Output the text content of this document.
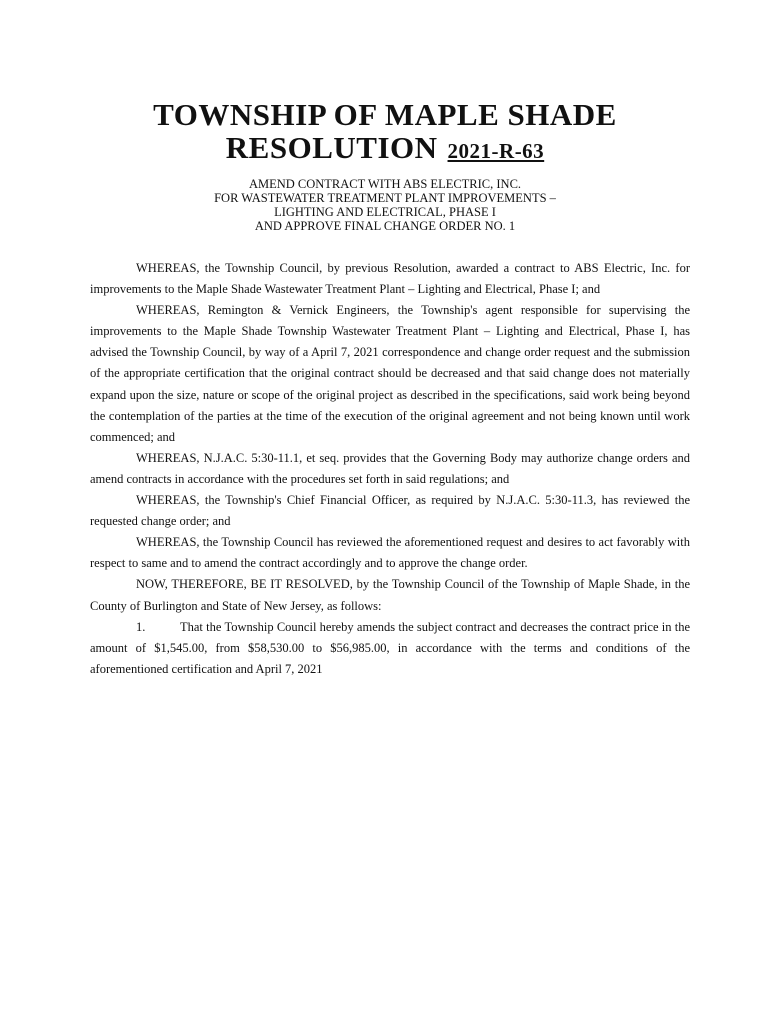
TOWNSHIP OF MAPLE SHADE
RESOLUTION 2021-R-63
AMEND CONTRACT WITH ABS ELECTRIC, INC.
FOR WASTEWATER TREATMENT PLANT IMPROVEMENTS –
LIGHTING AND ELECTRICAL, PHASE I
AND APPROVE FINAL CHANGE ORDER NO. 1

WHEREAS, the Township Council, by previous Resolution, awarded a contract to ABS Electric, Inc. for improvements to the Maple Shade Wastewater Treatment Plant – Lighting and Electrical, Phase I; and

WHEREAS, Remington & Vernick Engineers, the Township's agent responsible for supervising the improvements to the Maple Shade Township Wastewater Treatment Plant – Lighting and Electrical, Phase I, has advised the Township Council, by way of a April 7, 2021 correspondence and change order request and the submission of the appropriate certification that the original contract should be decreased and that said change does not materially expand upon the size, nature or scope of the original project as described in the specifications, said work being beyond the contemplation of the parties at the time of the execution of the original agreement and not being known until work commenced; and

WHEREAS, N.J.A.C. 5:30-11.1, et seq. provides that the Governing Body may authorize change orders and amend contracts in accordance with the procedures set forth in said regulations; and

WHEREAS, the Township's Chief Financial Officer, as required by N.J.A.C. 5:30-11.3, has reviewed the requested change order; and

WHEREAS, the Township Council has reviewed the aforementioned request and desires to act favorably with respect to same and to amend the contract accordingly and to approve the change order.

NOW, THEREFORE, BE IT RESOLVED, by the Township Council of the Township of Maple Shade, in the County of Burlington and State of New Jersey, as follows:

1.	That the Township Council hereby amends the subject contract and decreases the contract price in the amount of $1,545.00, from $58,530.00 to $56,985.00, in accordance with the terms and conditions of the aforementioned certification and April 7, 2021
